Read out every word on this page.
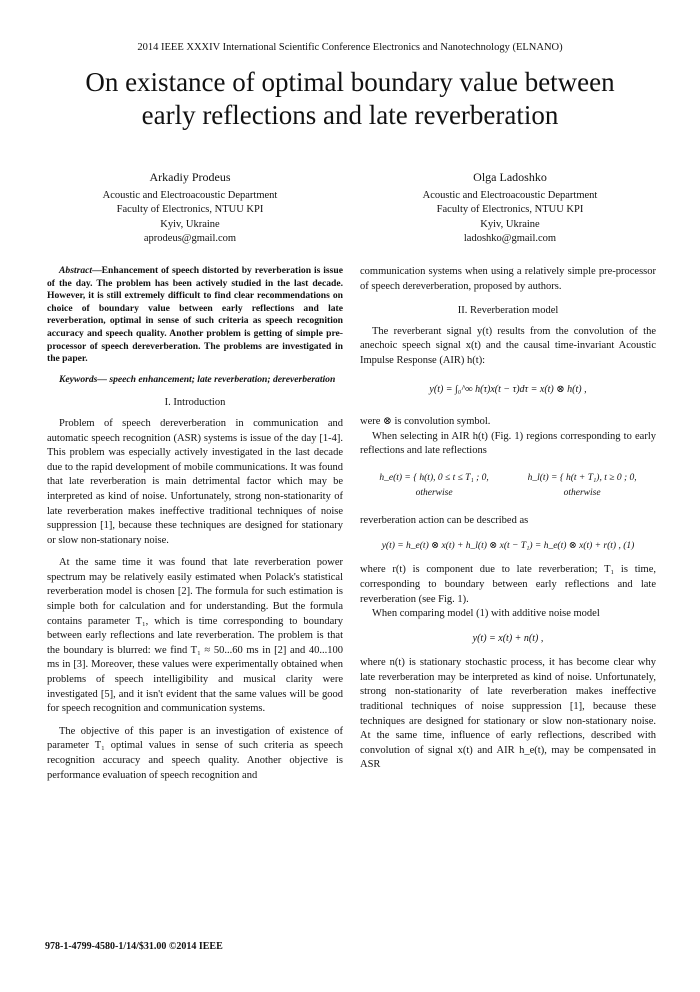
2014 IEEE XXXIV International Scientific Conference Electronics and Nanotechnology (ELNANO)
On existance of optimal boundary value between
early reflections and late reverberation
Arkadiy Prodeus
Acoustic and Electroacoustic Department
Faculty of Electronics, NTUU KPI
Kyiv, Ukraine
aprodeus@gmail.com
Olga Ladoshko
Acoustic and Electroacoustic Department
Faculty of Electronics, NTUU KPI
Kyiv, Ukraine
ladoshko@gmail.com

Abstract—Enhancement of speech distorted by reverberation is issue of the day. The problem has been actively studied in the last decade. However, it is still extremely difficult to find clear recommendations on choice of boundary value between early reflections and late reverberation, optimal in sense of such criteria as speech recognition accuracy and speech quality. Another problem is getting of simple pre-processor of speech dereverberation. The problems are investigated in the paper.

Keywords— speech enhancement; late reverberation; dereverberation

I. Introduction

Problem of speech dereverberation in communication and automatic speech recognition (ASR) systems is issue of the day [1-4]. This problem was especially actively investigated in the last decade due to the rapid development of mobile communications. It was found that late reverberation is main detrimental factor which may be interpreted as kind of noise. Unfortunately, strong non-stationarity of late reverberation makes ineffective traditional techniques of noise suppression [1], because these techniques are designed for stationary or slow non-stationary noise.

At the same time it was found that late reverberation power spectrum may be relatively easily estimated when Polack's statistical reverberation model is chosen [2]. The formula for such estimation is simple both for calculation and for understanding. But the formula contains parameter T₁, which is time corresponding to boundary between early reflections and late reverberation. The problem is that the boundary is blurred: we find T₁ ≈ 50...60 ms in [2] and 40...100 ms in [3]. Moreover, these values were experimentally obtained when problems of speech intelligibility and musical clarity were investigated [5], and it isn't evident that the same values will be good for speech recognition and communication systems.

The objective of this paper is an investigation of existence of parameter T₁ optimal values in sense of such criteria as speech recognition accuracy and speech quality. Another objective is performance evaluation of speech recognition and

communication systems when using a relatively simple pre-processor of speech dereverberation, proposed by authors.

II. Reverberation model

The reverberant signal y(t) results from the convolution of the anechoic speech signal x(t) and the causal time-invariant Acoustic Impulse Response (AIR) h(t):

y(t) = ∫₀^∞ h(τ)x(t − τ)dτ = x(t) ⊗ h(t) ,

were ⊗ is convolution symbol.

When selecting in AIR h(t) (Fig. 1) regions corresponding to early reflections and late reflections

h_e(t) = { h(t), 0 ≤ t ≤ T₁ ; 0, otherwise
h_l(t) = { h(t + T₁), t ≥ 0 ; 0, otherwise

reverberation action can be described as

y(t) = h_e(t) ⊗ x(t) + h_l(t) ⊗ x(t − T₁) = h_e(t) ⊗ x(t) + r(t) , (1)

where r(t) is component due to late reverberation; T₁ is time, corresponding to boundary between early reflections and late reverberation (see Fig. 1).

When comparing model (1) with additive noise model

y(t) = x(t) + n(t) ,

where n(t) is stationary stochastic process, it has become clear why late reverberation may be interpreted as kind of noise. Unfortunately, strong non-stationarity of late reverberation makes ineffective traditional techniques of noise suppression [1], because these techniques are designed for stationary or slow non-stationary noise. At the same time, influence of early reflections, described with convolution of signal x(t) and AIR h_e(t), may be compensated in ASR

978-1-4799-4580-1/14/$31.00 ©2014 IEEE
